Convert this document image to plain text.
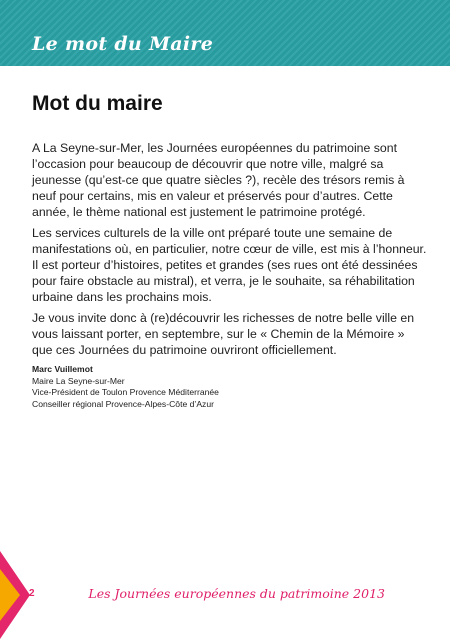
Le mot du Maire
Mot du maire

A La Seyne-sur-Mer, les Journées européennes du patrimoine sont l’occasion pour beaucoup de découvrir que notre ville, malgré sa jeunesse (qu’est-ce que quatre siècles ?), recèle des trésors remis à neuf pour certains, mis en valeur et préservés pour d’autres. Cette année, le thème national est justement le patrimoine protégé.

Les services culturels de la ville ont préparé toute une semaine de manifestations où, en particulier, notre cœur de ville, est mis à l’honneur. Il est porteur d’histoires, petites et grandes (ses rues ont été dessinées pour faire obstacle au mistral), et verra, je le souhaite, sa réhabilitation urbaine dans les prochains mois.

Je vous invite donc à (re)découvrir les richesses de notre belle ville en vous laissant porter, en septembre, sur le « Chemin de la Mémoire » que ces Journées du patrimoine ouvriront officiellement.

Marc Vuillemot
Maire La Seyne-sur-Mer
Vice-Président de Toulon Provence Méditerranée
Conseiller régional Provence-Alpes-Côte d’Azur
2	Les Journées européennes du patrimoine 2013
